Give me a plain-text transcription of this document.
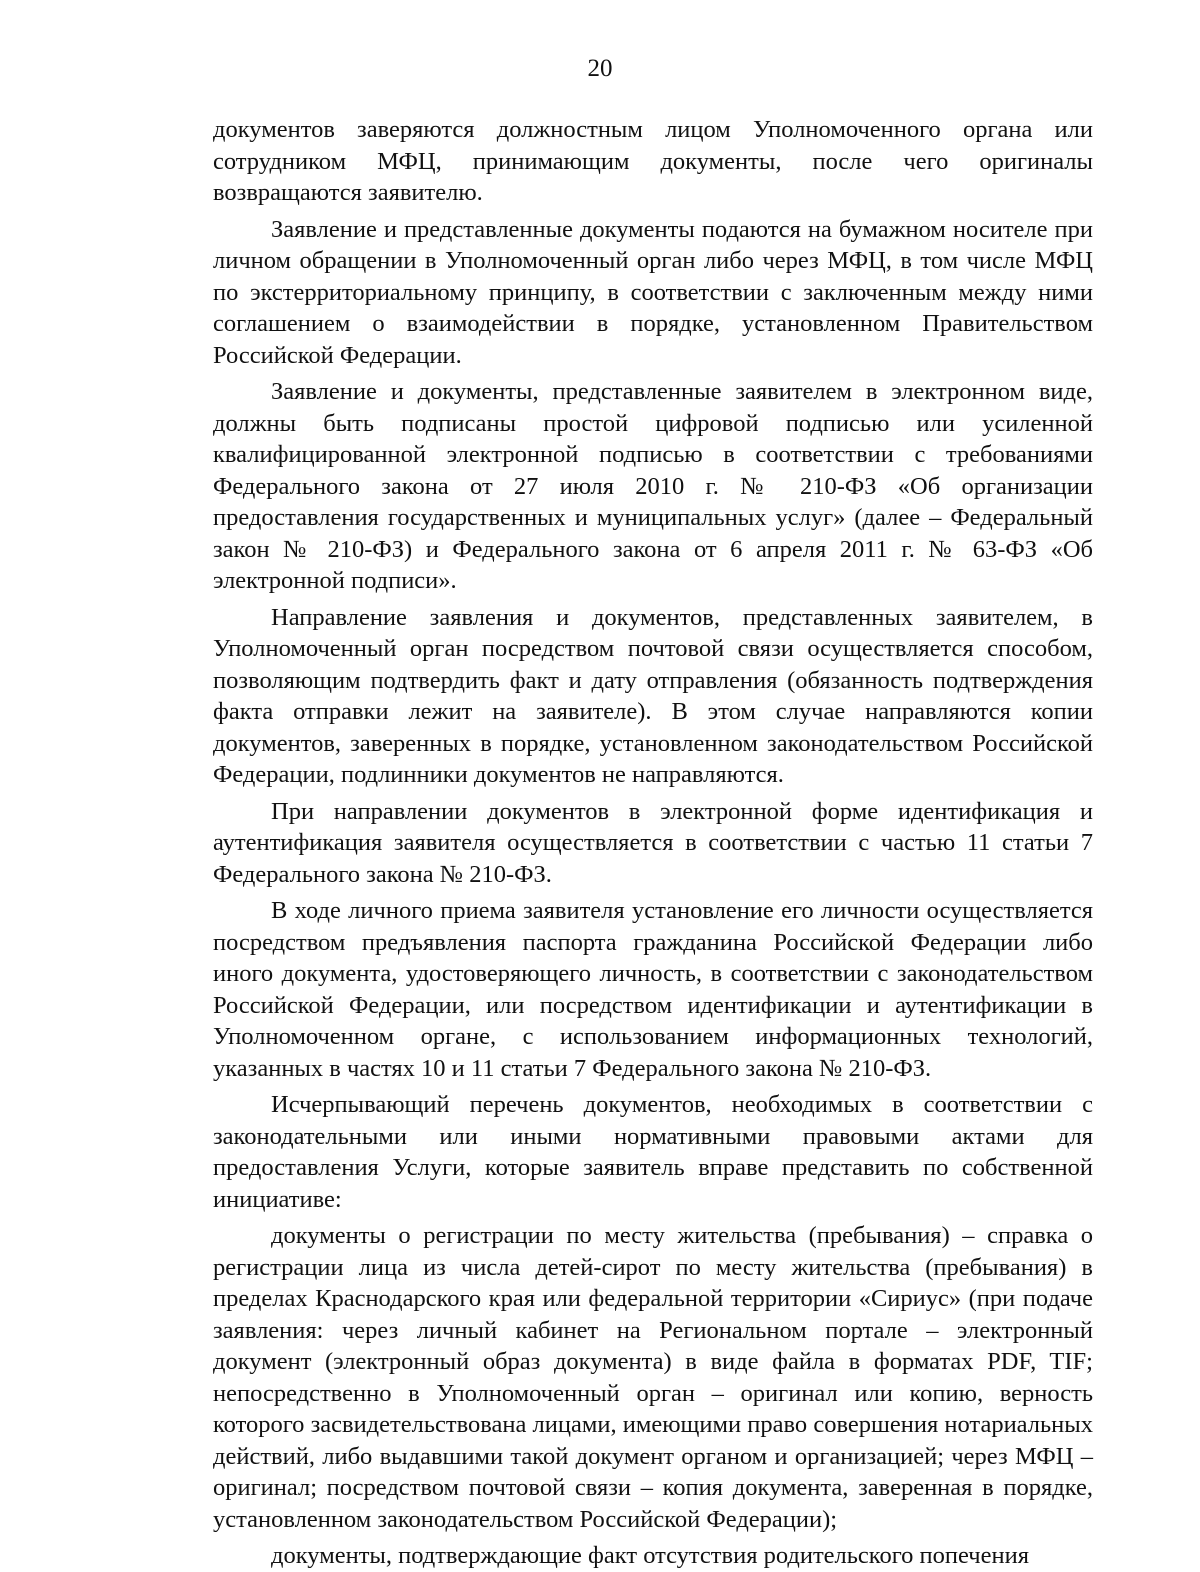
20

документов заверяются должностным лицом Уполномоченного органа или сотрудником МФЦ, принимающим документы, после чего оригиналы возвращаются заявителю.

Заявление и представленные документы подаются на бумажном носителе при личном обращении в Уполномоченный орган либо через МФЦ, в том числе МФЦ по экстерриториальному принципу, в соответствии с заключенным между ними соглашением о взаимодействии в порядке, установленном Правительством Российской Федерации.

Заявление и документы, представленные заявителем в электронном виде, должны быть подписаны простой цифровой подписью или усиленной квалифицированной электронной подписью в соответствии с требованиями Федерального закона от 27 июля 2010 г. № 210-ФЗ «Об организации предоставления государственных и муниципальных услуг» (далее – Федеральный закон № 210-ФЗ) и Федерального закона от 6 апреля 2011 г. № 63-ФЗ «Об электронной подписи».

Направление заявления и документов, представленных заявителем, в Уполномоченный орган посредством почтовой связи осуществляется способом, позволяющим подтвердить факт и дату отправления (обязанность подтверждения факта отправки лежит на заявителе). В этом случае направляются копии документов, заверенных в порядке, установленном законодательством Российской Федерации, подлинники документов не направляются.

При направлении документов в электронной форме идентификация и аутентификация заявителя осуществляется в соответствии с частью 11 статьи 7 Федерального закона № 210-ФЗ.

В ходе личного приема заявителя установление его личности осуществляется посредством предъявления паспорта гражданина Российской Федерации либо иного документа, удостоверяющего личность, в соответствии с законодательством Российской Федерации, или посредством идентификации и аутентификации в Уполномоченном органе, с использованием информационных технологий, указанных в частях 10 и 11 статьи 7 Федерального закона № 210-ФЗ.

Исчерпывающий перечень документов, необходимых в соответствии с законодательными или иными нормативными правовыми актами для предоставления Услуги, которые заявитель вправе представить по собственной инициативе:

документы о регистрации по месту жительства (пребывания) – справка о регистрации лица из числа детей-сирот по месту жительства (пребывания) в пределах Краснодарского края или федеральной территории «Сириус» (при подаче заявления: через личный кабинет на Региональном портале – электронный документ (электронный образ документа) в виде файла в форматах PDF, TIF; непосредственно в Уполномоченный орган – оригинал или копию, верность которого засвидетельствована лицами, имеющими право совершения нотариальных действий, либо выдавшими такой документ органом и организацией; через МФЦ – оригинал; посредством почтовой связи – копия документа, заверенная в порядке, установленном законодательством Российской Федерации);

документы, подтверждающие факт отсутствия родительского попечения
